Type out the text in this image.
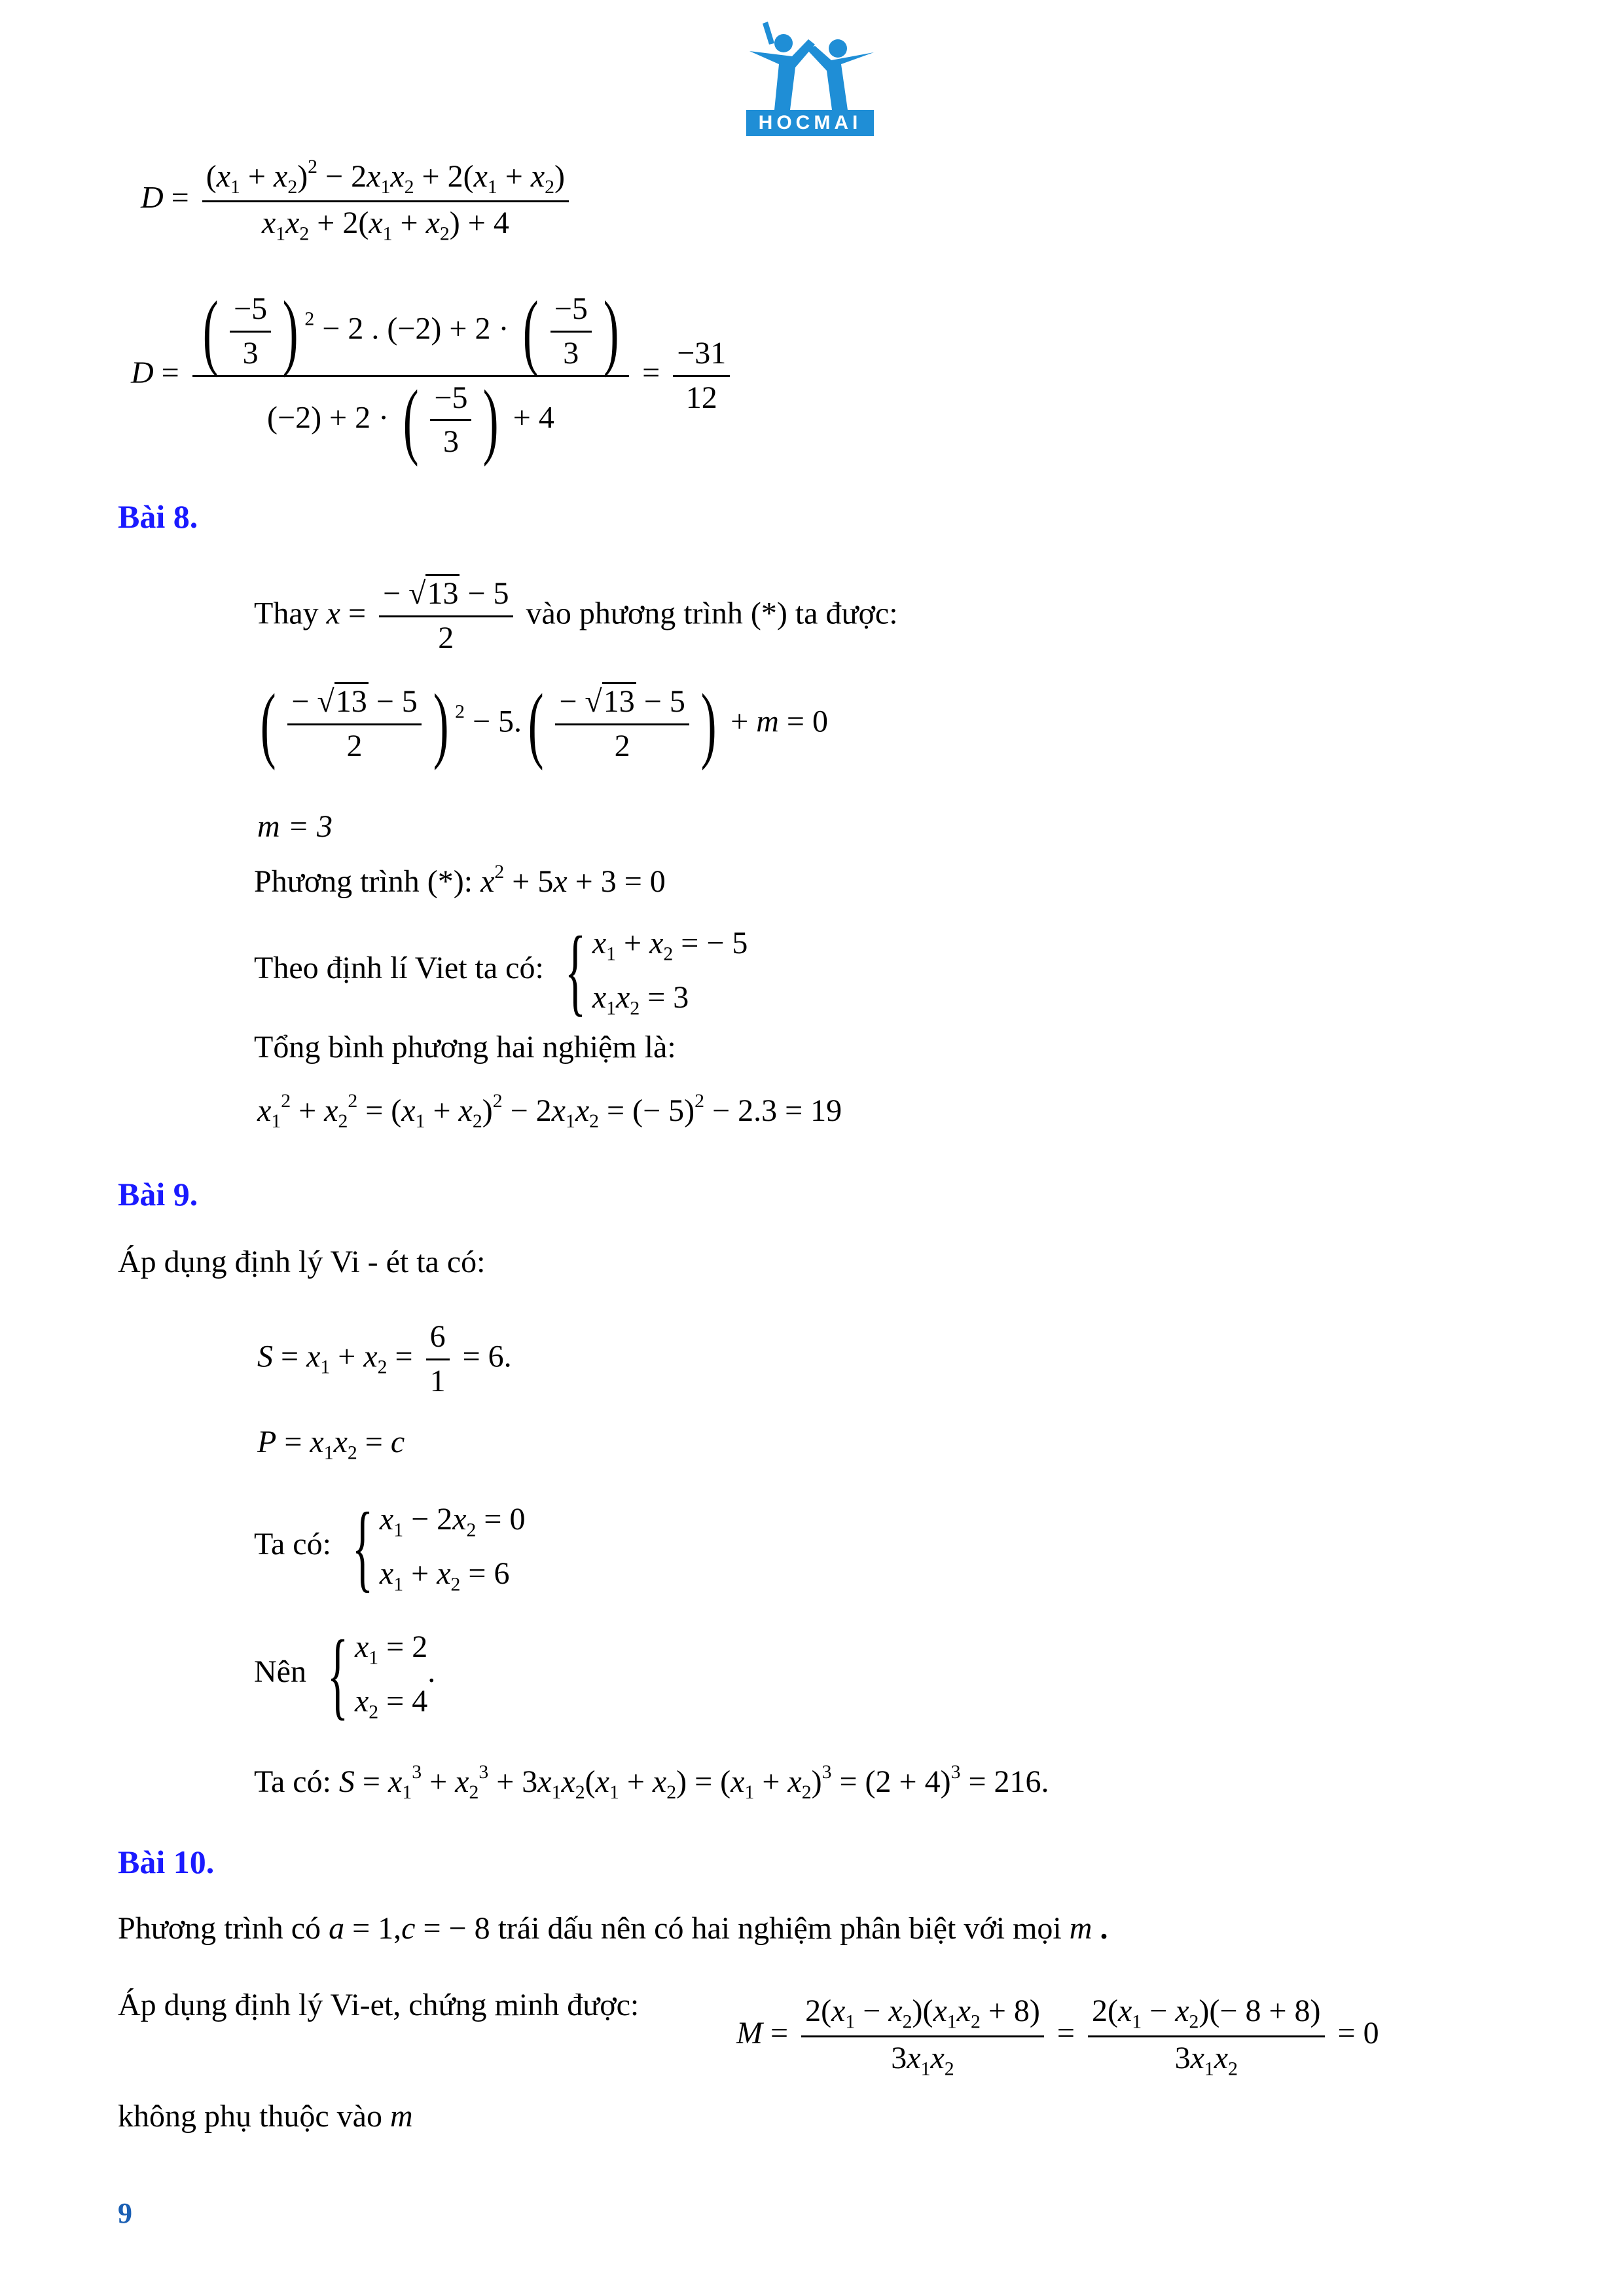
HOCMAI
$D = \frac{(x_1 + x_2)^2 - 2x_1x_2 + 2(x_1 + x_2)}{x_1x_2 + 2(x_1 + x_2) + 4}$
$D = \frac{( \frac{-5}{3} ) ^2 - 2 . (-2) + 2 \cdot ( \frac{-5}{3} )}{(-2) + 2 \cdot ( \frac{-5}{3} ) + 4} = \frac{-31}{12}$
Bài 8.
Thay $x = \frac{- √13 - 5}{2}$ vào phương trình (*) ta được:
( $\frac{- √13 - 5}{2}$ ) $^2 - 5.( \frac{- √13 - 5}{2}$ ) + m = 0
m = 3
Phương trình (*): $x^2 + 5x + 3 = 0$
Theo định lí Viet ta có: { $x_1 + x_2$ = − 5
$x_1x_2 = 3$
Tổng bình phương hai nghiệm là:
$x_1^2 + x_2^2 = (x_1 + x_2)^2 - 2x_1x_2$ = (− 5)$^2$ − 2.3 = 19
Bài 9.
Áp dụng định lý Vi - ét ta có:
$S = x_1 + x_2 = \frac{6}{1} = 6$.
$P = x_1x_2 = c$
Ta có: { $x_1 - 2x_2 = 0$
$x_1 + x_2 = 6$
Nên { $x_1 = 2$
$x_2 = 4$
.
Ta có: $S = x_1^3 + x_2^3 + 3x_1x_2(x_1 + x_2) = (x_1 + x_2)^3 = (2 + 4)^3 = 216$.
Bài 10.
Phương trình có a = 1,c = − 8 trái dấu nên có hai nghiệm phân biệt với mọi m .
Áp dụng định lý Vi-et, chứng minh được:
$M = \frac{2(x_1 - x_2)(x_1x_2 + 8)}{3x_1x_2} = \frac{2(x_1 - x_2)(- 8 + 8)}{3x_1x_2} = 0$
không phụ thuộc vào m
9
